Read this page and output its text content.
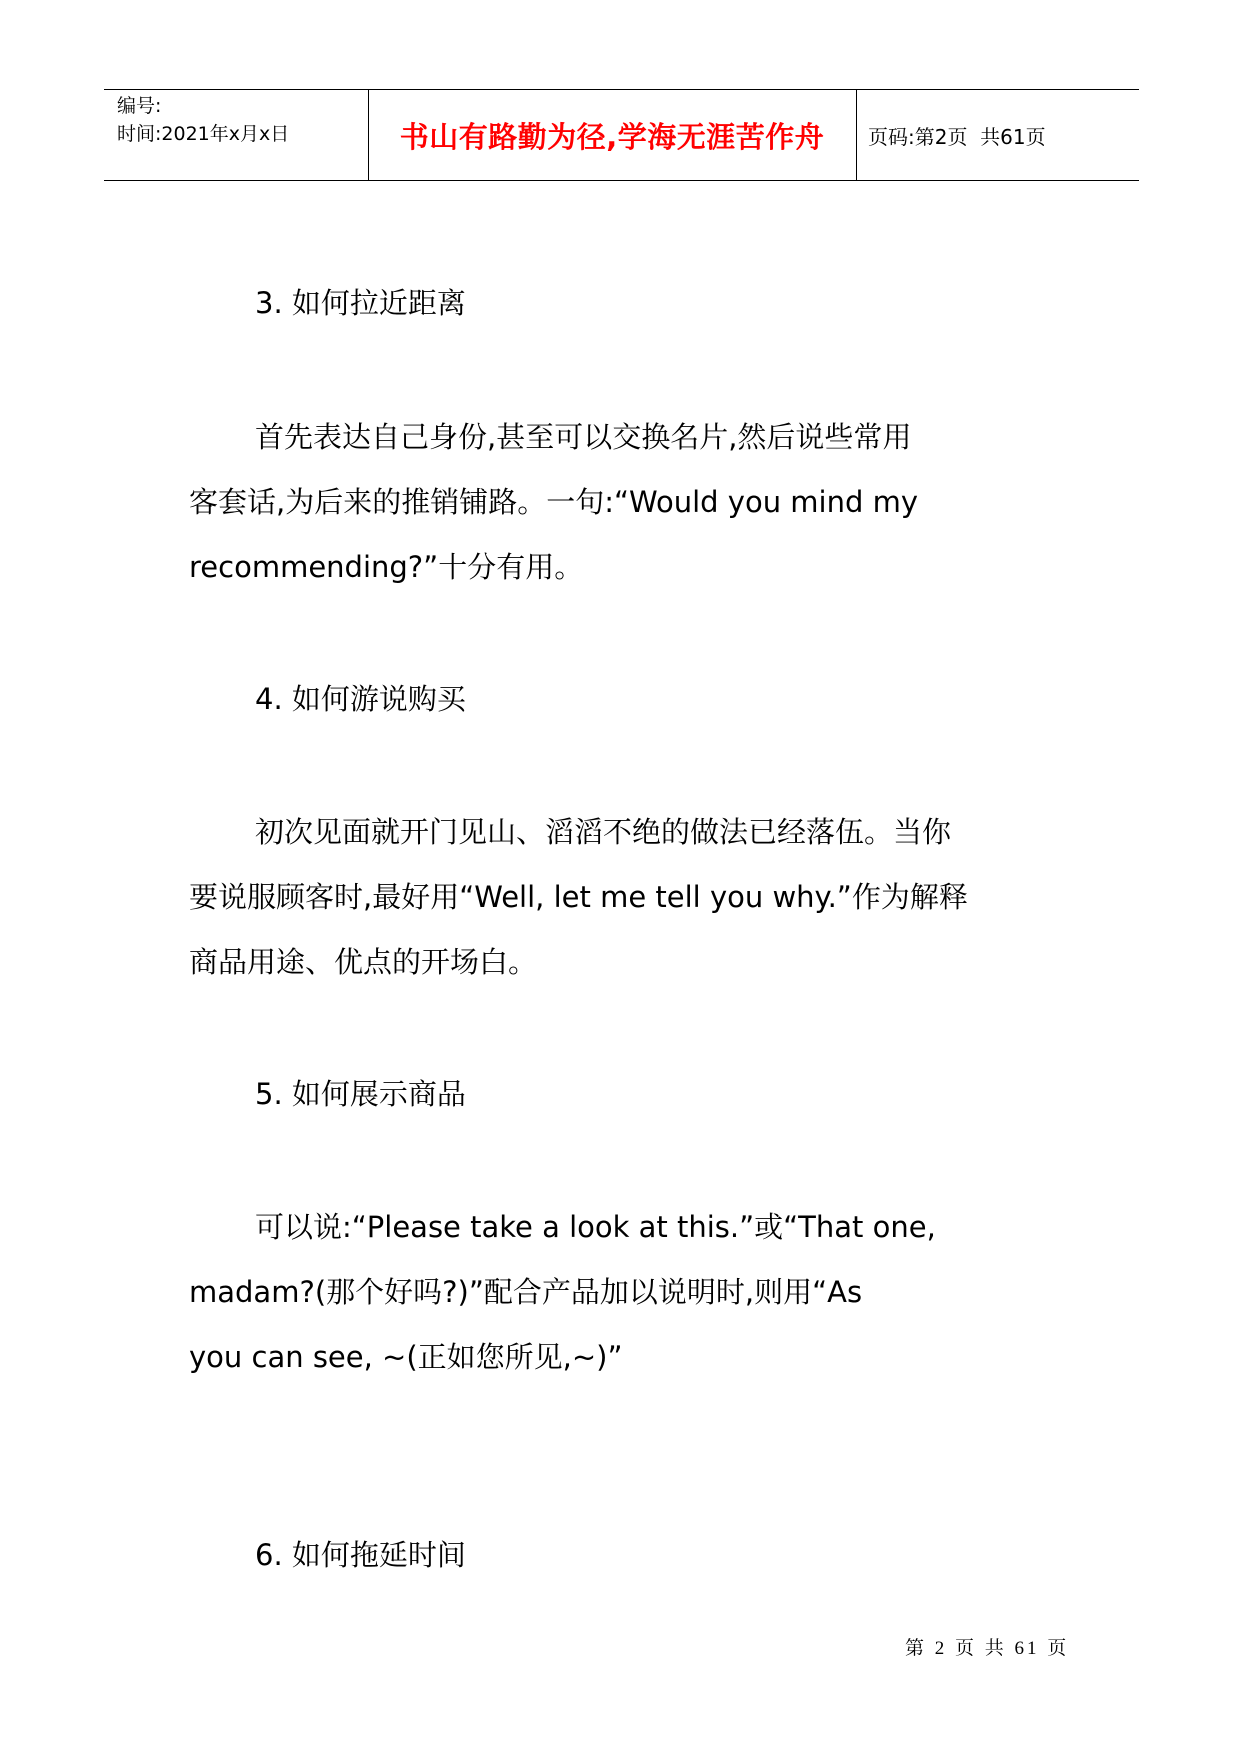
编号:
时间:2021年x月x日	书山有路勤为径,学海无涯苦作舟	页码:第2页  共61页
3. 如何拉近距离
首先表达自己身份,甚至可以交换名片,然后说些常用
客套话,为后来的推销铺路。一句:“Would you mind my
recommending?”十分有用。
4. 如何游说购买
初次见面就开门见山、滔滔不绝的做法已经落伍。当你
要说服顾客时,最好用“Well, let me tell you why.”作为解释
商品用途、优点的开场白。
5. 如何展示商品
可以说:“Please take a look at this.”或“That one,
madam?(那个好吗?)”配合产品加以说明时,则用“As
you can see, ~(正如您所见,~)”
6. 如何拖延时间
第 2 页 共 61 页
